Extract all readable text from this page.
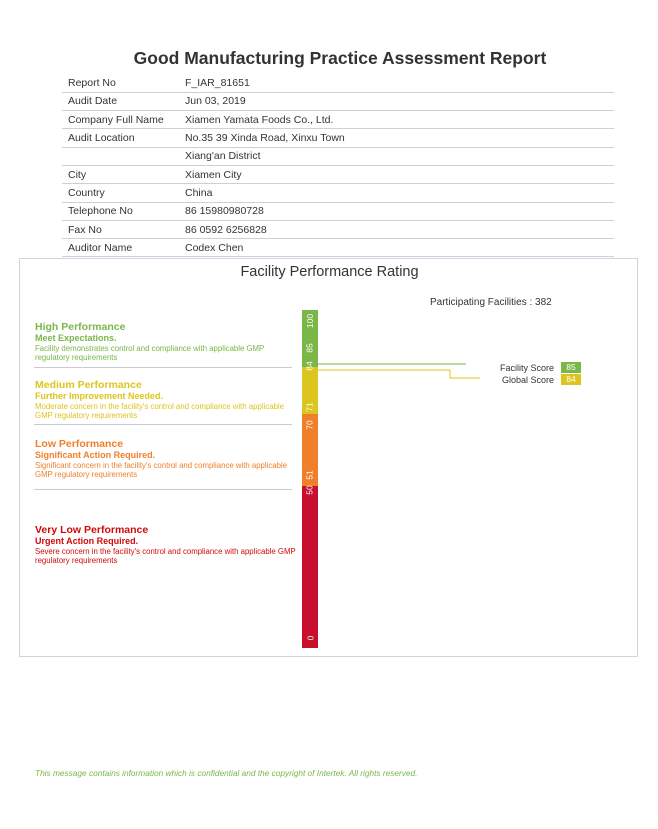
Good Manufacturing Practice Assessment Report
Report No	F_IAR_81651
Audit Date	Jun 03, 2019
Company Full Name	Xiamen Yamata Foods Co., Ltd.
Audit Location	No.35 39 Xinda Road, Xinxu Town
	Xiang'an District
City	Xiamen City
Country	China
Telephone No	86 15980980728
Fax No	86 0592 6256828
Auditor Name	Codex Chen
Facility Performance Rating
Participating Facilities : 382
High Performance
Meet Expectations.
Facility demonstrates control and compliance with applicable GMP regulatory requirements
Medium Performance
Further Improvement Needed.
Moderate concern in the facility's control and compliance with applicable GMP regulatory requirements
Low Performance
Significant Action Required.
Significant concern in the facility's control and compliance with applicable GMP regulatory requirements
Very Low Performance
Urgent Action Required.
Severe concern in the facility's control and compliance with applicable GMP regulatory requirements
100
85
84
71
70
51
50
0
Facility Score	85
Global Score	84
This message contains information which is confidential and the copyright of Intertek. All rights reserved.
